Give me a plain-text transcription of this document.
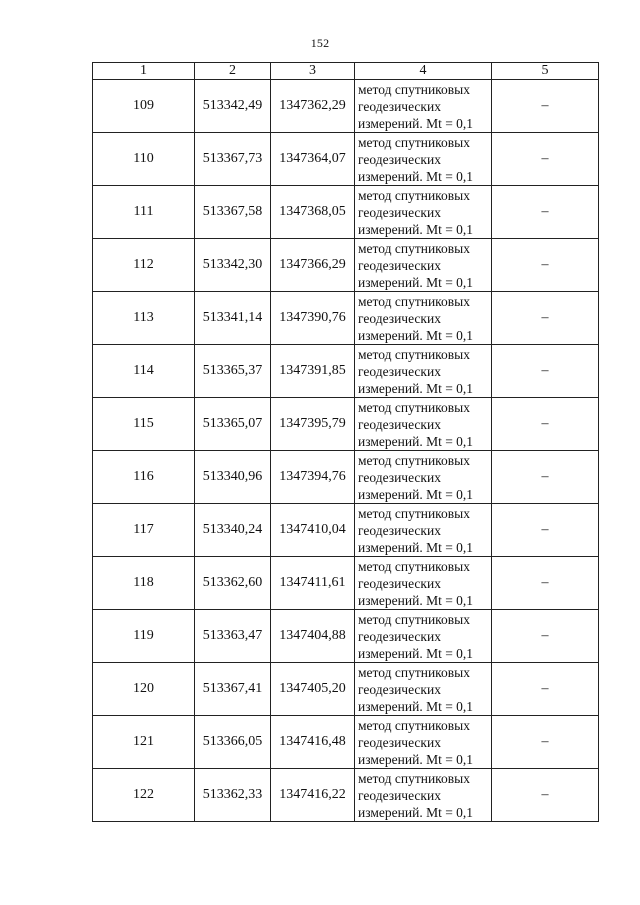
152
1	2	3	4	5
109	513342,49	1347362,29	метод спутниковых
геодезических
измерений. Mt = 0,1	–
110	513367,73	1347364,07	метод спутниковых
геодезических
измерений. Mt = 0,1	–
111	513367,58	1347368,05	метод спутниковых
геодезических
измерений. Mt = 0,1	–
112	513342,30	1347366,29	метод спутниковых
геодезических
измерений. Mt = 0,1	–
113	513341,14	1347390,76	метод спутниковых
геодезических
измерений. Mt = 0,1	–
114	513365,37	1347391,85	метод спутниковых
геодезических
измерений. Mt = 0,1	–
115	513365,07	1347395,79	метод спутниковых
геодезических
измерений. Mt = 0,1	–
116	513340,96	1347394,76	метод спутниковых
геодезических
измерений. Mt = 0,1	–
117	513340,24	1347410,04	метод спутниковых
геодезических
измерений. Mt = 0,1	–
118	513362,60	1347411,61	метод спутниковых
геодезических
измерений. Mt = 0,1	–
119	513363,47	1347404,88	метод спутниковых
геодезических
измерений. Mt = 0,1	–
120	513367,41	1347405,20	метод спутниковых
геодезических
измерений. Mt = 0,1	–
121	513366,05	1347416,48	метод спутниковых
геодезических
измерений. Mt = 0,1	–
122	513362,33	1347416,22	метод спутниковых
геодезических
измерений. Mt = 0,1	–
